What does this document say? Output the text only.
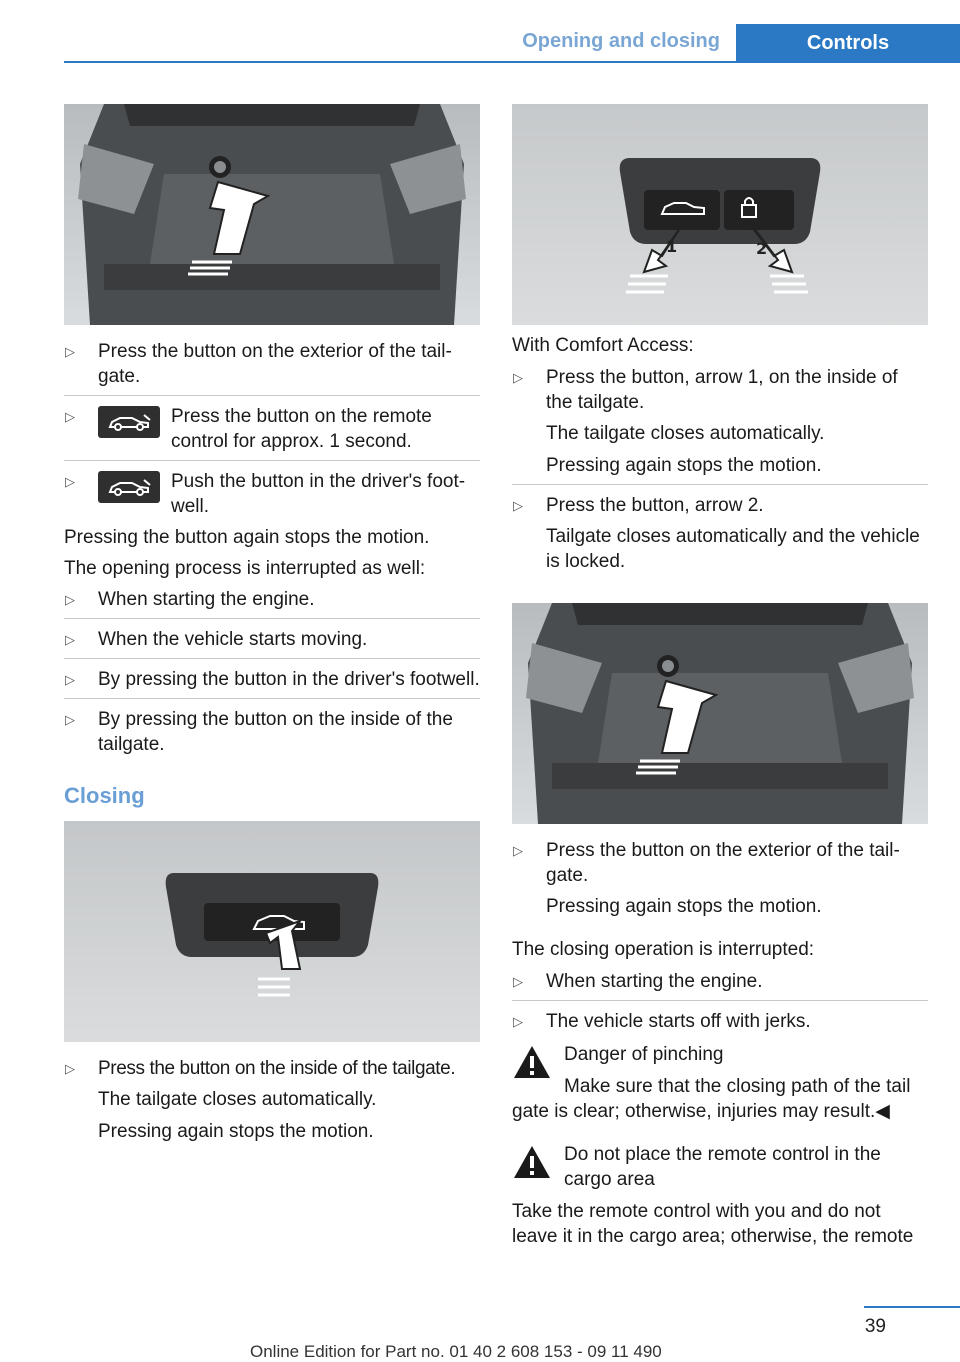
Opening and closing	Controls
▷ Press the button on the exterior of the tailgate.
▷	Press the button on the remote control for approx. 1 second.
▷	Push the button in the driver's footwell.
Pressing the button again stops the motion.
The opening process is interrupted as well:
▷ When starting the engine.
▷ When the vehicle starts moving.
▷ By pressing the button in the driver's footwell.
▷ By pressing the button on the inside of the tailgate.
Closing
▷ Press the button on the inside of the tailgate.
The tailgate closes automatically.
Pressing again stops the motion.
1	2
With Comfort Access:
▷ Press the button, arrow 1, on the inside of the tailgate.
The tailgate closes automatically.
Pressing again stops the motion.
▷ Press the button, arrow 2.
Tailgate closes automatically and the vehicle is locked.
▷ Press the button on the exterior of the tailgate.
Pressing again stops the motion.
The closing operation is interrupted:
▷ When starting the engine.
▷ The vehicle starts off with jerks.
Danger of pinching
Make sure that the closing path of the tail
gate is clear; otherwise, injuries may result.◀
Do not place the remote control in the
cargo area
Take the remote control with you and do not leave it in the cargo area; otherwise, the remote
39
Online Edition for Part no. 01 40 2 608 153 - 09 11 490
